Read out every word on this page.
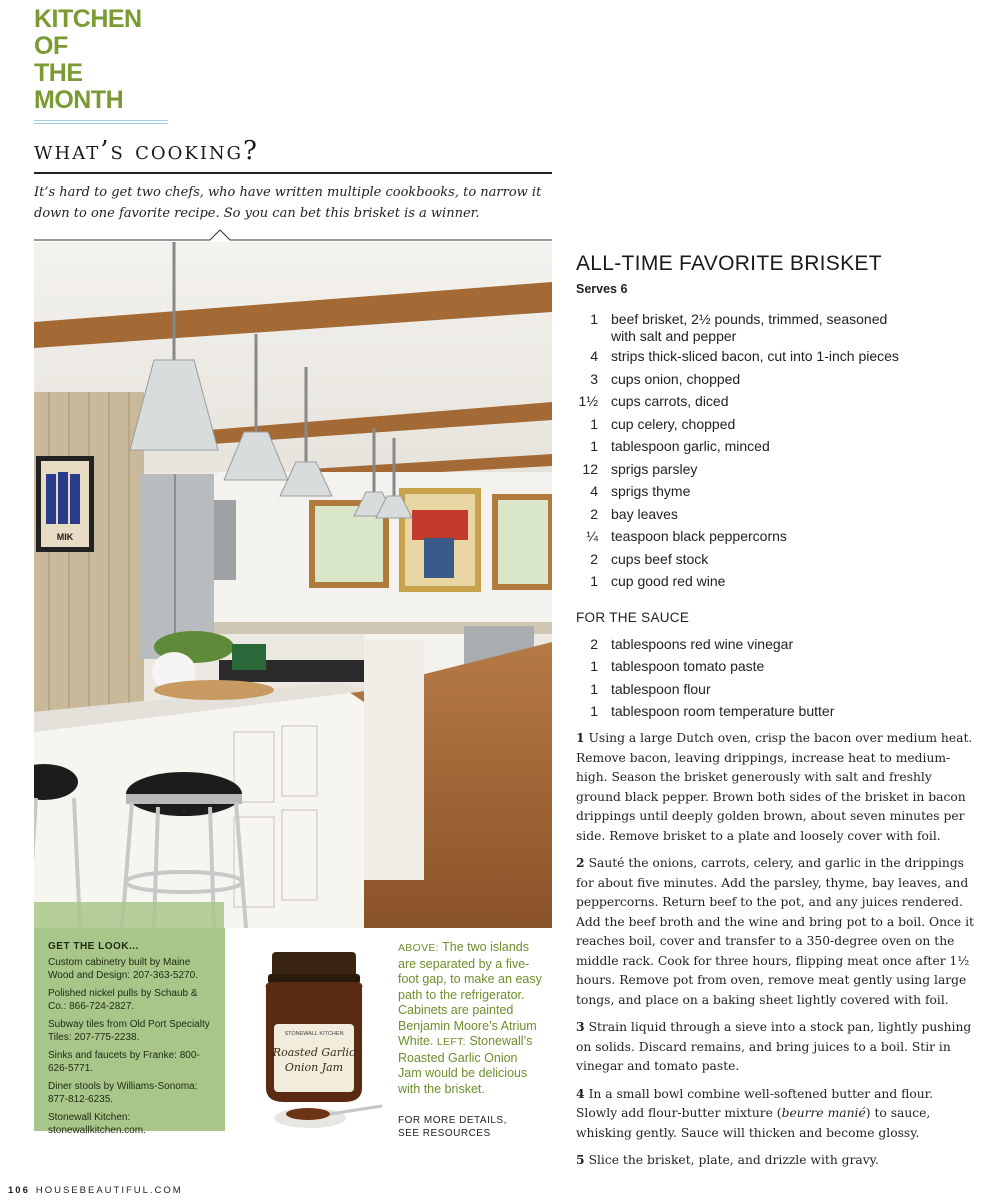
KITCHEN OF
THE MONTH
what’s cooking?
It’s hard to get two chefs, who have written multiple cookbooks, to narrow it down to one favorite recipe. So you can bet this brisket is a winner.
MIK
GET THE LOOK...
Custom cabinetry built by Maine Wood and Design: 207-363-5270.
Polished nickel pulls by Schaub & Co.: 866-724-2827.
Subway tiles from Old Port Specialty Tiles: 207-775-2238.
Sinks and faucets by Franke: 800-626-5771.
Diner stools by Williams-Sonoma: 877-812-6235.
Stonewall Kitchen: stonewallkitchen.com.
STONEWALL KITCHEN
Roasted Garlic
Onion Jam
ABOVE: The two islands are separated by a five-foot gap, to make an easy path to the refrigerator. Cabinets are painted Benjamin Moore’s Atrium White. LEFT: Stonewall’s Roasted Garlic Onion Jam would be delicious with the brisket.
FOR MORE DETAILS,
SEE RESOURCES
ALL-TIME FAVORITE BRISKET
Serves 6
1 beef brisket, 2½ pounds, trimmed, seasoned with salt and pepper
4 strips thick-sliced bacon, cut into 1-inch pieces
3 cups onion, chopped
1½ cups carrots, diced
1 cup celery, chopped
1 tablespoon garlic, minced
12 sprigs parsley
4 sprigs thyme
2 bay leaves
¼ teaspoon black peppercorns
2 cups beef stock
1 cup good red wine
FOR THE SAUCE
2 tablespoons red wine vinegar
1 tablespoon tomato paste
1 tablespoon flour
1 tablespoon room temperature butter

1 Using a large Dutch oven, crisp the bacon over medium heat. Remove bacon, leaving drippings, increase heat to medium-high. Season the brisket generously with salt and freshly ground black pepper. Brown both sides of the brisket in bacon drippings until deeply golden brown, about seven minutes per side. Remove brisket to a plate and loosely cover with foil.

2 Sauté the onions, carrots, celery, and garlic in the drippings for about five minutes. Add the parsley, thyme, bay leaves, and peppercorns. Return beef to the pot, and any juices rendered. Add the beef broth and the wine and bring pot to a boil. Once it reaches boil, cover and transfer to a 350-degree oven on the middle rack. Cook for three hours, flipping meat once after 1½ hours. Remove pot from oven, remove meat gently using large tongs, and place on a baking sheet lightly covered with foil.

3 Strain liquid through a sieve into a stock pan, lightly pushing on solids. Discard remains, and bring juices to a boil. Stir in vinegar and tomato paste.

4 In a small bowl combine well-softened butter and flour. Slowly add flour-butter mixture (beurre manié) to sauce, whisking gently. Sauce will thicken and become glossy.

5 Slice the brisket, plate, and drizzle with gravy.

106 HOUSEBEAUTIFUL.COM
